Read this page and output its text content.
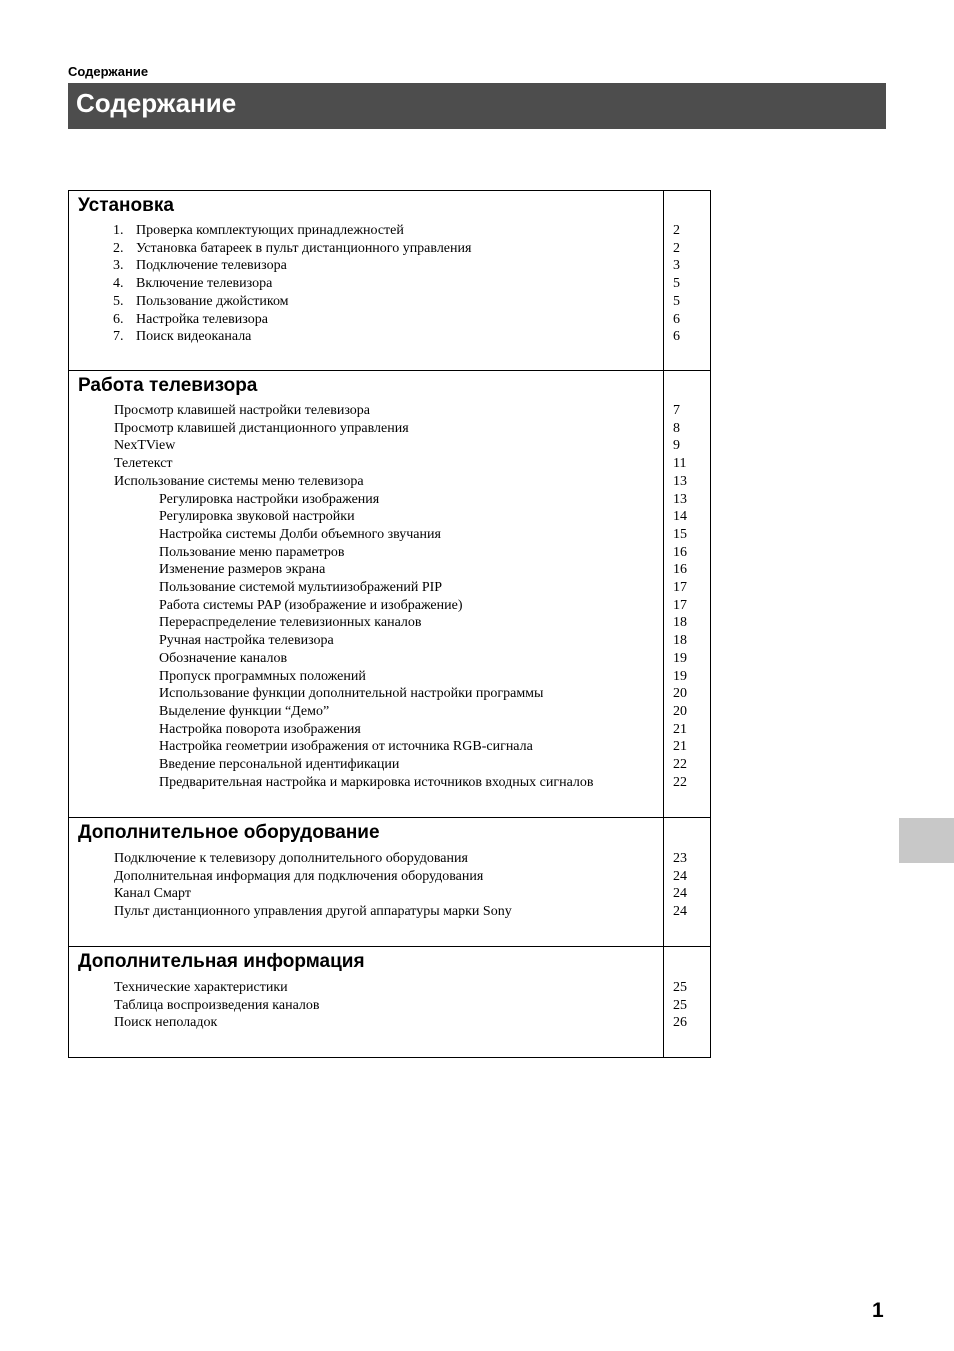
Содержание
Содержание
Установка
1. Проверка комплектующих принадлежностей	2
2. Установка батареек в пульт дистанционного управления	2
3. Подключение телевизора	3
4. Включение телевизора	5
5. Пользование джойстиком	5
6. Настройка телевизора	6
7. Поиск видеоканала	6
Работа телевизора
Просмотр клавишей настройки телевизора	7
Просмотр клавишей дистанционного управления	8
NexTView	9
Телетекст	11
Использование системы меню телевизора	13
Регулировка настройки изображения	13
Регулировка звуковой настройки	14
Настройка системы Долби объемного звучания	15
Пользование меню параметров	16
Изменение размеров экрана	16
Пользование системой мультиизображений PIP	17
Работа системы PAP (изображение и изображение)	17
Перераспределение телевизионных каналов	18
Ручная настройка телевизора	18
Обозначение каналов	19
Пропуск программных положений	19
Использование функции дополнительной настройки программы	20
Выделение функции “Демо”	20
Настройка поворота изображения	21
Настройка геометрии изображения от источника RGB-сигнала	21
Введение персональной идентификации	22
Предварительная настройка и маркировка источников входных сигналов	22
Дополнительное оборудование
Подключение к телевизору дополнительного оборудования	23
Дополнительная информация для подключения оборудования	24
Канал Смарт	24
Пульт дистанционного управления другой аппаратуры марки Sony	24
Дополнительная информация
Технические характеристики	25
Таблица воспроизведения каналов	25
Поиск неполадок	26
1
